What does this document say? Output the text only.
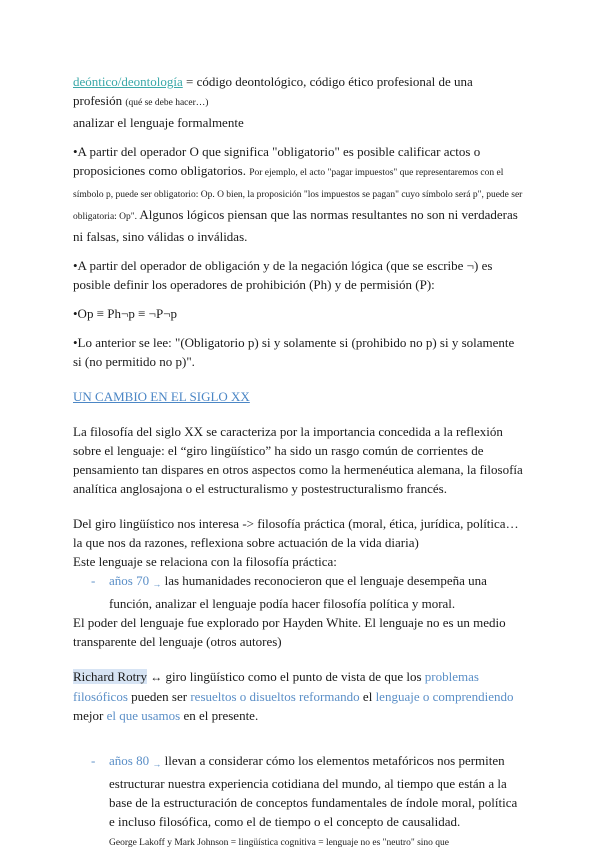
deóntico/deontología = código deontológico, código ético profesional de una profesión (qué se debe hacer…)

analizar el lenguaje formalmente

•A partir del operador O que significa "obligatorio" es posible calificar actos o proposiciones como obligatorios. Por ejemplo, el acto "pagar impuestos" que representaremos con el símbolo p, puede ser obligatorio: Op. O bien, la proposición "los impuestos se pagan" cuyo símbolo será p", puede ser obligatoria: Op". Algunos lógicos piensan que las normas resultantes no son ni verdaderas ni falsas, sino válidas o inválidas.

•A partir del operador de obligación y de la negación lógica (que se escribe ¬) es posible definir los operadores de prohibición (Ph) y de permisión (P):

•Op ≡ Ph¬p ≡ ¬P¬p

•Lo anterior se lee: "(Obligatorio p) si y solamente si (prohibido no p) si y solamente si (no permitido no p)".

UN CAMBIO EN EL SIGLO XX

La filosofía del siglo XX se caracteriza por la importancia concedida a la reflexión sobre el lenguaje: el “giro lingüístico” ha sido un rasgo común de corrientes de pensamiento tan dispares en otros aspectos como la hermenéutica alemana, la filosofía analítica anglosajona o el estructuralismo y postestructuralismo francés.

Del giro lingüístico nos interesa -> filosofía práctica (moral, ética, jurídica, política… la que nos da razones, reflexiona sobre actuación de la vida diaria)

Este lenguaje se relaciona con la filosofía práctica:

- años 70 → las humanidades reconocieron que el lenguaje desempeña una función, analizar el lenguaje podía hacer filosofía política y moral.

El poder del lenguaje fue explorado por Hayden White. El lenguaje no es un medio transparente del lenguaje (otros autores)

Richard Rotry ↔ giro lingüístico como el punto de vista de que los problemas filosóficos pueden ser resueltos o disueltos reformando el lenguaje o comprendiendo mejor el que usamos en el presente.

- años 80 → llevan a considerar cómo los elementos metafóricos nos permiten estructurar nuestra experiencia cotidiana del mundo, al tiempo que están a la base de la estructuración de conceptos fundamentales de índole moral, política e incluso filosófica, como el de tiempo o el concepto de causalidad.
George Lakoff y Mark Johnson = lingüística cognitiva = lenguaje no es "neutro" sino que
